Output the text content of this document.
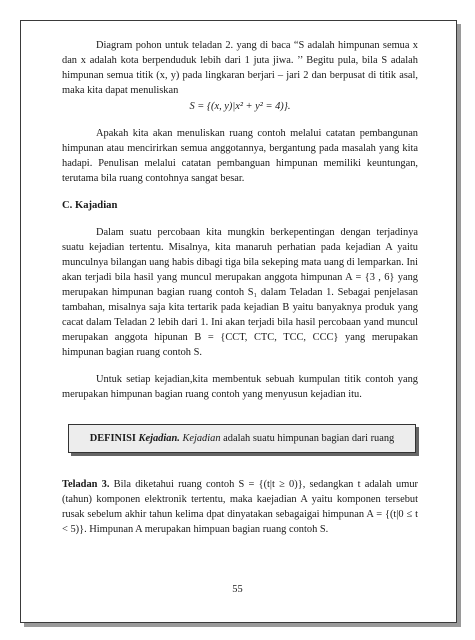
Diagram pohon untuk teladan 2. yang di baca “S adalah himpunan semua x dan x adalah kota berpenduduk lebih dari 1 juta jiwa. ’’ Begitu pula, bila S adalah himpunan semua titik (x, y) pada lingkaran berjari – jari 2 dan berpusat di titik asal, maka kita dapat menuliskan

S = {(x, y)|x² + y² = 4)}.

Apakah kita akan menuliskan ruang contoh melalui catatan pembangunan himpunan atau mencirirkan semua anggotannya, bergantung pada masalah yang kita hadapi. Penulisan melalui catatan pembanguan himpunan memiliki keuntungan, terutama bila ruang contohnya sangat besar.

C. Kajadian

Dalam suatu percobaan kita mungkin berkepentingan dengan terjadinya suatu kejadian tertentu. Misalnya, kita manaruh perhatian pada kejadian A yaitu munculnya bilangan uang habis dibagi tiga bila sekeping mata uang di lemparkan. Ini akan terjadi bila hasil yang muncul merupakan anggota himpunan A = {3 , 6} yang merupakan himpunan bagian ruang contoh S₁ dalam Teladan 1. Sebagai penjelasan tambahan, misalnya saja kita tertarik pada kejadian B yaitu banyaknya produk yang cacat dalam Teladan 2 lebih dari 1. Ini akan terjadi bila hasil percobaan yand muncul merupakan anggota hipunan B = {CCT, CTC, TCC, CCC} yang merupakan himpunan bagian ruang contoh S.

Untuk setiap kejadian,kita membentuk sebuah kumpulan titik contoh yang merupakan himpunan bagian ruang contoh yang menyusun kejadian itu.

DEFINISI Kejadian. Kejadian adalah suatu himpunan bagian dari ruang

Teladan 3. Bila diketahui ruang contoh S = {(t|t ≥ 0)}, sedangkan t adalah umur (tahun) komponen elektronik tertentu, maka kaejadian A yaitu komponen tersebut rusak sebelum akhir tahun kelima dpat dinyatakan sebagaigai himpunan A = {(t|0 ≤ t < 5)}. Himpunan A merupakan himpuan bagian ruang contoh S.

55
